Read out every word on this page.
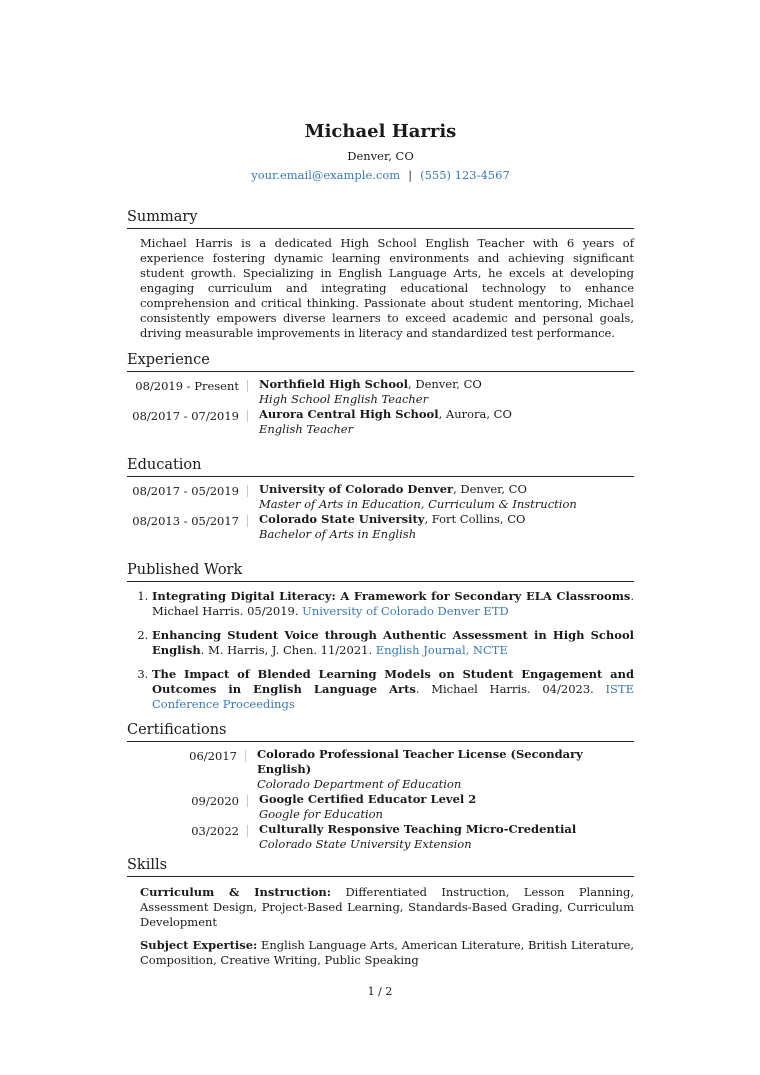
Michael Harris
Denver, CO
your.email@example.com | (555) 123-4567
Summary
Michael Harris is a dedicated High School English Teacher with 6 years of experience fostering dynamic learning environments and achieving significant student growth. Specializing in English Language Arts, he excels at developing engaging curriculum and integrating educational technology to enhance comprehension and critical thinking. Passionate about student mentoring, Michael consistently empowers diverse learners to exceed academic and personal goals, driving measurable improvements in literacy and standardized test performance.
Experience
08/2019 - Present	Northfield High School, Denver, CO
High School English Teacher
08/2017 - 07/2019	Aurora Central High School, Aurora, CO
English Teacher
Education
08/2017 - 05/2019	University of Colorado Denver, Denver, CO
Master of Arts in Education, Curriculum & Instruction
08/2013 - 05/2017	Colorado State University, Fort Collins, CO
Bachelor of Arts in English
Published Work
1. Integrating Digital Literacy: A Framework for Secondary ELA Classrooms. Michael Harris. 05/2019. University of Colorado Denver ETD
2. Enhancing Student Voice through Authentic Assessment in High School English. M. Harris, J. Chen. 11/2021. English Journal, NCTE
3. The Impact of Blended Learning Models on Student Engagement and Outcomes in English Language Arts. Michael Harris. 04/2023. ISTE Conference Proceedings
Certifications
06/2017	Colorado Professional Teacher License (Secondary English)
Colorado Department of Education
09/2020	Google Certified Educator Level 2
Google for Education
03/2022	Culturally Responsive Teaching Micro-Credential
Colorado State University Extension
Skills
Curriculum & Instruction: Differentiated Instruction, Lesson Planning, Assessment Design, Project-Based Learning, Standards-Based Grading, Curriculum Development
Subject Expertise: English Language Arts, American Literature, British Literature, Composition, Creative Writing, Public Speaking
1 / 2
